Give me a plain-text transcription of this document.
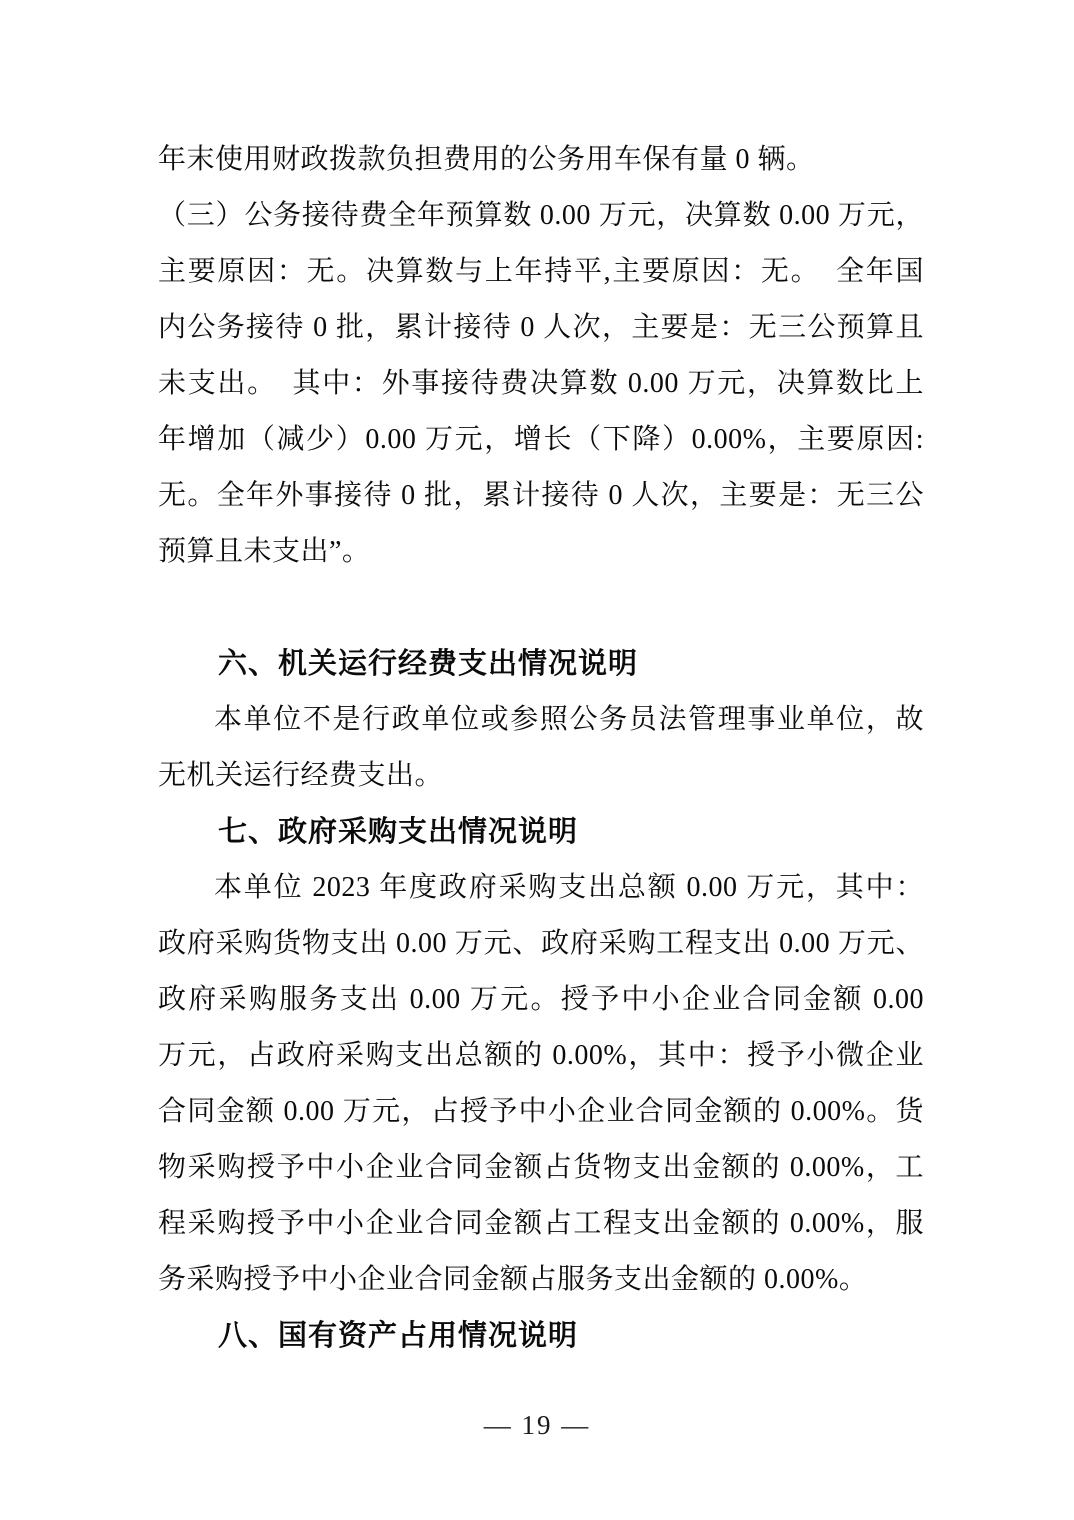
年末使用财政拨款负担费用的公务用车保有量 0 辆。

（三）公务接待费全年预算数 0.00 万元，决算数 0.00 万元，

主要原因：无。决算数与上年持平,主要原因：无。　全年国

内公务接待 0 批，累计接待 0 人次，主要是：无三公预算且

未支出。　其中：外事接待费决算数 0.00 万元，决算数比上

年增加（减少）0.00 万元，增长（下降）0.00%，主要原因:

无。全年外事接待 0 批，累计接待 0 人次，主要是：无三公

预算且未支出”。

六、机关运行经费支出情况说明

本单位不是行政单位或参照公务员法管理事业单位，故

无机关运行经费支出。

七、政府采购支出情况说明

本单位 2023 年度政府采购支出总额 0.00 万元，其中：

政府采购货物支出 0.00 万元、政府采购工程支出 0.00 万元、

政府采购服务支出 0.00 万元。授予中小企业合同金额 0.00

万元，占政府采购支出总额的 0.00%，其中：授予小微企业

合同金额 0.00 万元，占授予中小企业合同金额的 0.00%。货

物采购授予中小企业合同金额占货物支出金额的 0.00%，工

程采购授予中小企业合同金额占工程支出金额的 0.00%，服

务采购授予中小企业合同金额占服务支出金额的 0.00%。

八、国有资产占用情况说明
— 19 —
